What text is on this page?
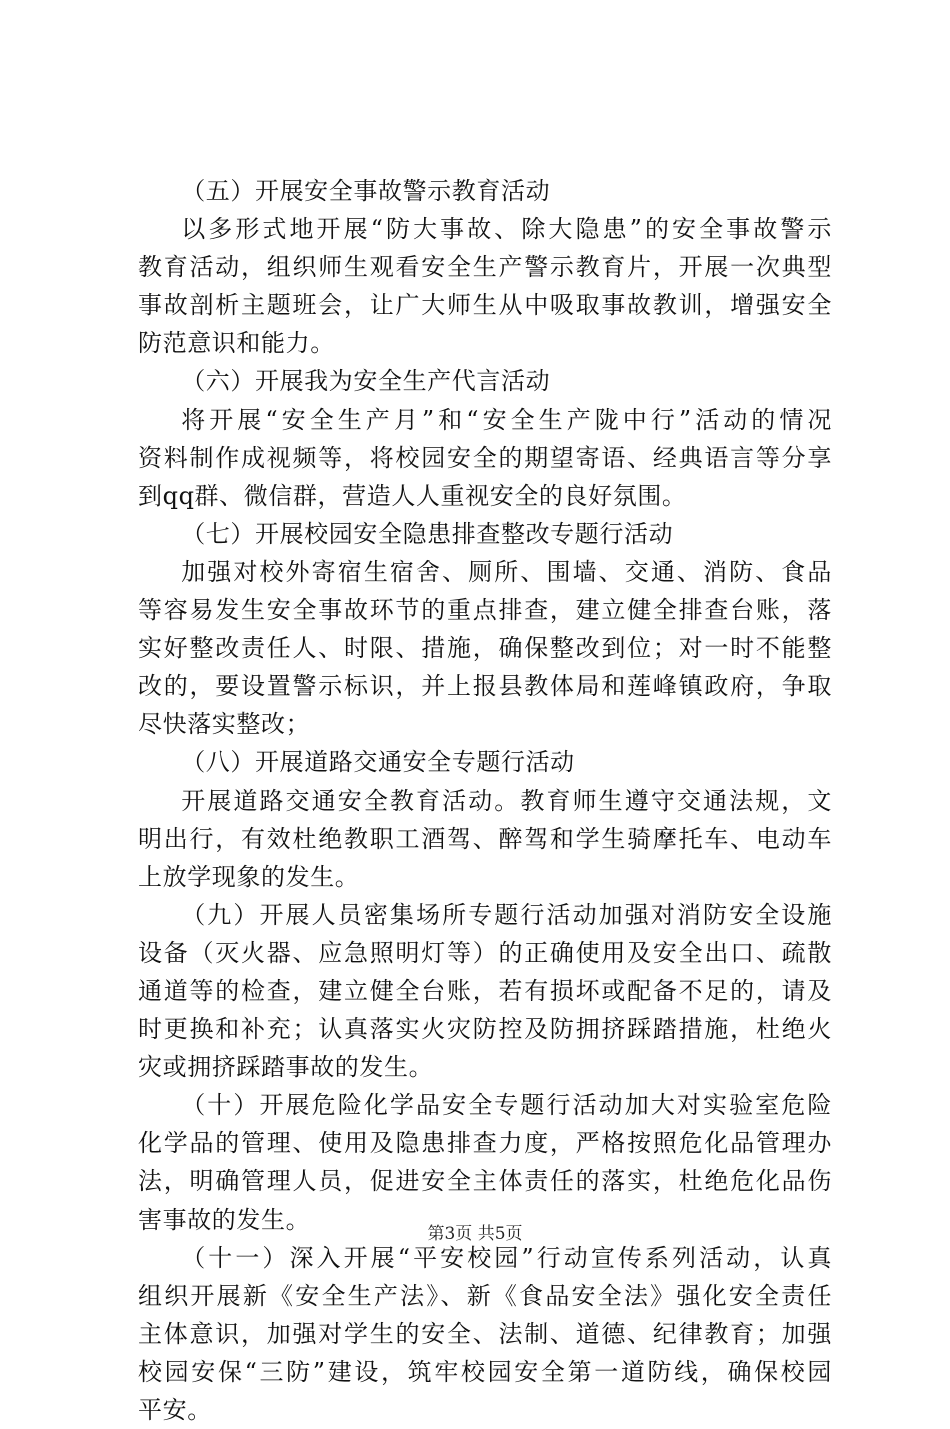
（五）开展安全事故警示教育活动
以多形式地开展“防大事故、除大隐患”的安全事故警示
教育活动，组织师生观看安全生产警示教育片，开展一次典型
事故剖析主题班会，让广大师生从中吸取事故教训，增强安全
防范意识和能力。
（六）开展我为安全生产代言活动
将开展“安全生产月”和“安全生产陇中行”活动的情况
资料制作成视频等，将校园安全的期望寄语、经典语言等分享
到qq群、微信群，营造人人重视安全的良好氛围。
（七）开展校园安全隐患排查整改专题行活动
加强对校外寄宿生宿舍、厕所、围墙、交通、消防、食品
等容易发生安全事故环节的重点排查，建立健全排查台账，落
实好整改责任人、时限、措施，确保整改到位；对一时不能整
改的，要设置警示标识，并上报县教体局和莲峰镇政府，争取
尽快落实整改；
（八）开展道路交通安全专题行活动
开展道路交通安全教育活动。教育师生遵守交通法规，文
明出行，有效杜绝教职工酒驾、醉驾和学生骑摩托车、电动车
上放学现象的发生。
（九）开展人员密集场所专题行活动加强对消防安全设施
设备（灭火器、应急照明灯等）的正确使用及安全出口、疏散
通道等的检查，建立健全台账，若有损坏或配备不足的，请及
时更换和补充；认真落实火灾防控及防拥挤踩踏措施，杜绝火
灾或拥挤踩踏事故的发生。
（十）开展危险化学品安全专题行活动加大对实验室危险
化学品的管理、使用及隐患排查力度，严格按照危化品管理办
法，明确管理人员，促进安全主体责任的落实，杜绝危化品伤
害事故的发生。
（十一）深入开展“平安校园”行动宣传系列活动，认真
组织开展新《安全生产法》、新《食品安全法》强化安全责任
主体意识，加强对学生的安全、法制、道德、纪律教育；加强
校园安保“三防”建设，筑牢校园安全第一道防线，确保校园
平安。
第3页 共5页
